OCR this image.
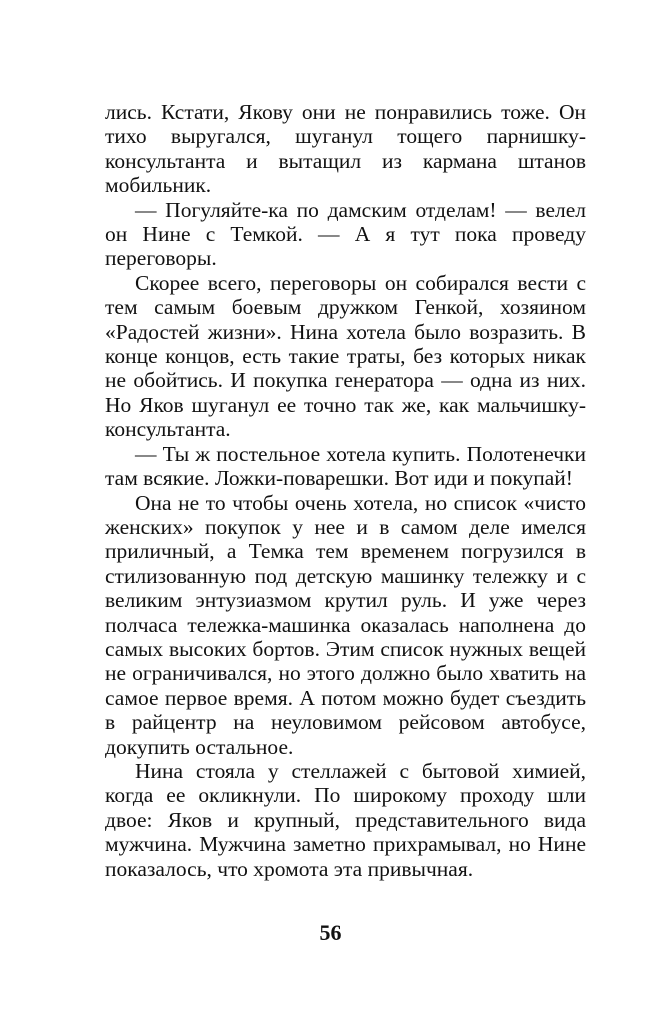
лись. Кстати, Якову они не понравились тоже. Он тихо выругался, шуганул тощего парнишку-консультанта и вытащил из кармана штанов мобильник.

— Погуляйте-ка по дамским отделам! — велел он Нине с Темкой. — А я тут пока проведу переговоры.

Скорее всего, переговоры он собирался вести с тем самым боевым дружком Генкой, хозяином «Радостей жизни». Нина хотела было возразить. В конце концов, есть такие траты, без которых никак не обойтись. И покупка генератора — одна из них. Но Яков шуганул ее точно так же, как мальчишку-консультанта.

— Ты ж постельное хотела купить. Полотенечки там всякие. Ложки-поварешки. Вот иди и покупай!

Она не то чтобы очень хотела, но список «чисто женских» покупок у нее и в самом деле имелся приличный, а Темка тем временем погрузился в стилизованную под детскую машинку тележку и с великим энтузиазмом крутил руль. И уже через полчаса тележка-машинка оказалась наполнена до самых высоких бортов. Этим список нужных вещей не ограничивался, но этого должно было хватить на самое первое время. А потом можно будет съездить в райцентр на неуловимом рейсовом автобусе, докупить остальное.

Нина стояла у стеллажей с бытовой химией, когда ее окликнули. По широкому проходу шли двое: Яков и крупный, представительного вида мужчина. Мужчина заметно прихрамывал, но Нине показалось, что хромота эта привычная.

56
